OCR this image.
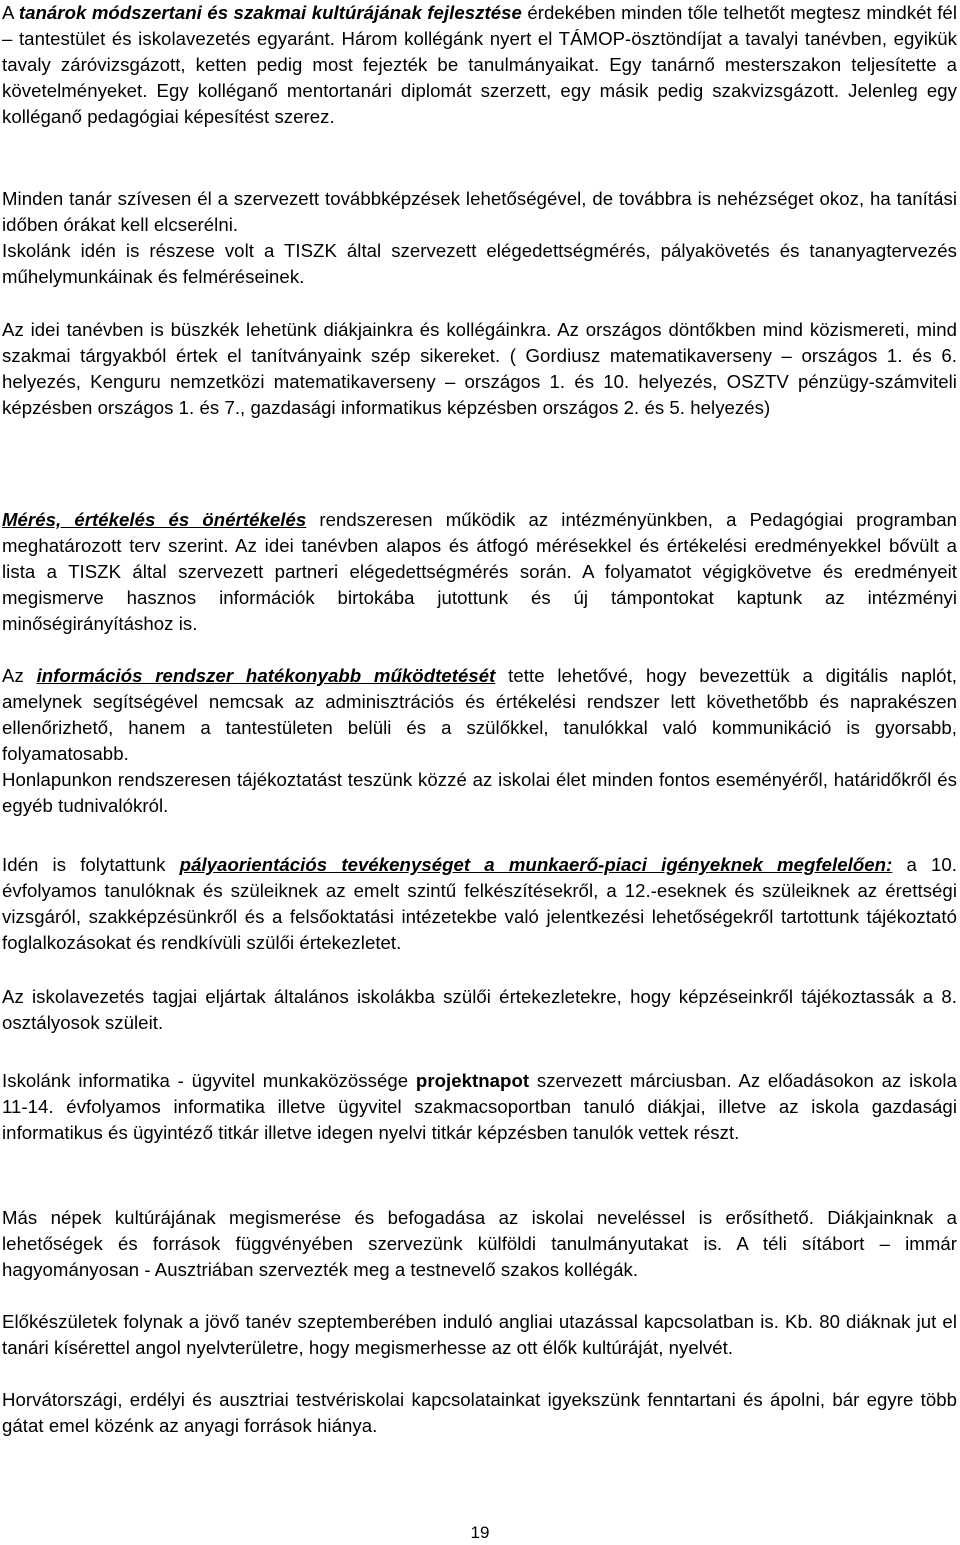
A tanárok módszertani és szakmai kultúrájának fejlesztése érdekében minden tőle telhetőt megtesz mindkét fél – tantestület és iskolavezetés egyaránt. Három kollégánk nyert el TÁMOP-ösztöndíjat a tavalyi tanévben, egyikük tavaly záróvizsgázott, ketten pedig most fejezték be tanulmányaikat. Egy tanárnő mesterszakon teljesítette a követelményeket. Egy kolléganő mentortanári diplomát szerzett, egy másik pedig szakvizsgázott. Jelenleg egy kolléganő pedagógiai képesítést szerez.
Minden tanár szívesen él a szervezett továbbképzések lehetőségével, de továbbra is nehézséget okoz, ha tanítási időben órákat kell elcserélni.
Iskolánk idén is részese volt a TISZK által szervezett elégedettségmérés, pályakövetés és tananyagtervezés műhelymunkáinak és felméréseinek.
Az idei tanévben is büszkék lehetünk diákjainkra és kollégáinkra. Az országos döntőkben mind közismereti, mind szakmai tárgyakból értek el tanítványaink szép sikereket. ( Gordiusz matematikaverseny – országos 1. és 6. helyezés, Kenguru nemzetközi matematikaverseny – országos 1. és 10. helyezés, OSZTV pénzügy-számviteli képzésben országos 1. és 7., gazdasági informatikus képzésben országos 2. és 5. helyezés)
Mérés, értékelés és önértékelés rendszeresen működik az intézményünkben, a Pedagógiai programban meghatározott terv szerint. Az idei tanévben alapos és átfogó mérésekkel és értékelési eredményekkel bővült a lista a TISZK által szervezett partneri elégedettségmérés során. A folyamatot végigkövetve és eredményeit megismerve hasznos információk birtokába jutottunk és új támpontokat kaptunk az intézményi minőségirányításhoz is.
Az információs rendszer hatékonyabb működtetését tette lehetővé, hogy bevezettük a digitális naplót, amelynek segítségével nemcsak az adminisztrációs és értékelési rendszer lett követhetőbb és naprakészen ellenőrizhető, hanem a tantestületen belüli és a szülőkkel, tanulókkal való kommunikáció is gyorsabb, folyamatosabb.
Honlapunkon rendszeresen tájékoztatást teszünk közzé az iskolai élet minden fontos eseményéről, határidőkről és egyéb tudnivalókról.
Idén is folytattunk pályaorientációs tevékenységet a munkaerő-piaci igényeknek megfelelően: a 10. évfolyamos tanulóknak és szüleiknek az emelt szintű felkészítésekről, a 12.-eseknek és szüleiknek az érettségi vizsgáról, szakképzésünkről és a felsőoktatási intézetekbe való jelentkezési lehetőségekről tartottunk tájékoztató foglalkozásokat és rendkívüli szülői értekezletet.
Az iskolavezetés tagjai eljártak általános iskolákba szülői értekezletekre, hogy képzéseinkről tájékoztassák a 8. osztályosok szüleit.
Iskolánk informatika - ügyvitel munkaközössége projektnapot szervezett márciusban. Az előadásokon az iskola 11-14. évfolyamos informatika illetve ügyvitel szakmacsoportban tanuló diákjai, illetve az iskola gazdasági informatikus és ügyintéző titkár illetve idegen nyelvi titkár képzésben tanulók vettek részt.
Más népek kultúrájának megismerése és befogadása az iskolai neveléssel is erősíthető. Diákjainknak a lehetőségek és források függvényében szervezünk külföldi tanulmányutakat is. A téli sítábort – immár hagyományosan - Ausztriában szervezték meg a testnevelő szakos kollégák.
Előkészületek folynak a jövő tanév szeptemberében induló angliai utazással kapcsolatban is. Kb. 80 diáknak jut el tanári kísérettel angol nyelvterületre, hogy megismerhesse az ott élők kultúráját, nyelvét.
Horvátországi, erdélyi és ausztriai testvériskolai kapcsolatainkat igyekszünk fenntartani és ápolni, bár egyre több gátat emel közénk az anyagi források hiánya.
19
